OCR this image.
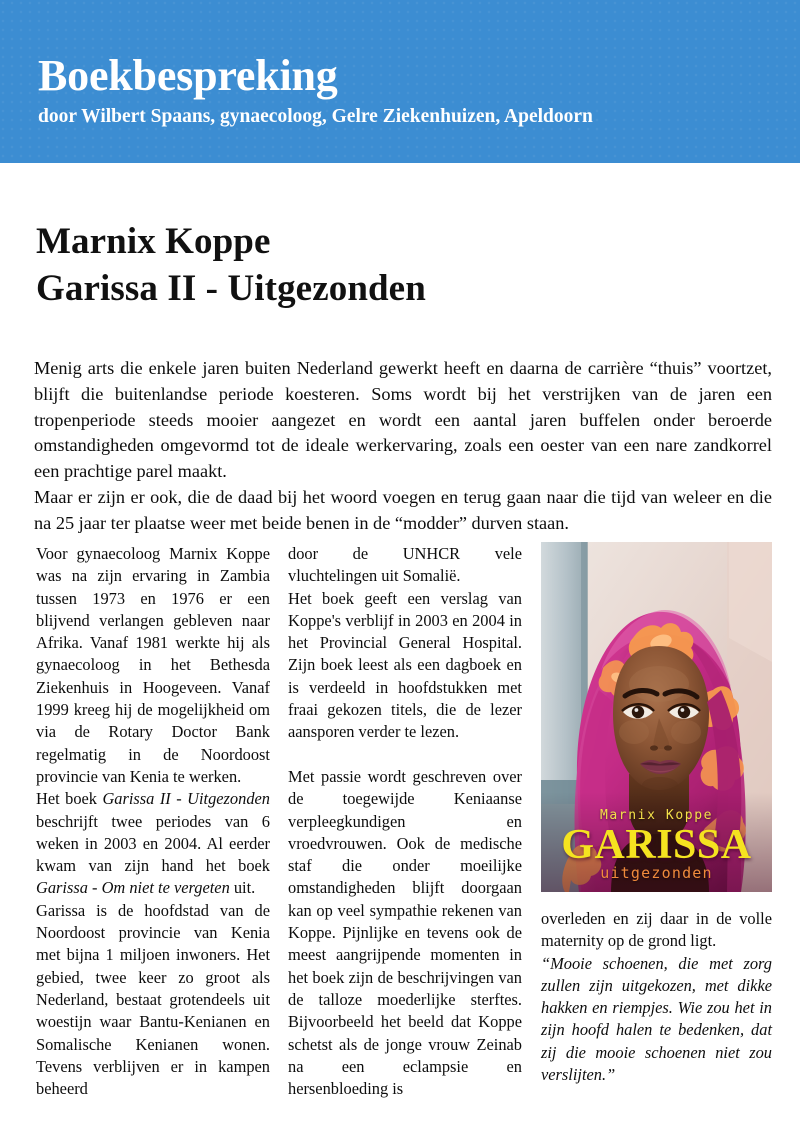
Boekbespreking
door Wilbert Spaans, gynaecoloog, Gelre Ziekenhuizen, Apeldoorn
Marnix Koppe
Garissa II - Uitgezonden

Menig arts die enkele jaren buiten Nederland gewerkt heeft en daarna de carrière “thuis” voortzet, blijft die buitenlandse periode koesteren. Soms wordt bij het verstrijken van de jaren een tropenperiode steeds mooier aangezet en wordt een aantal jaren buffelen onder beroerde omstandigheden omgevormd tot de ideale werkervaring, zoals een oester van een nare zandkorrel een prachtige parel maakt.

Maar er zijn er ook, die de daad bij het woord voegen en terug gaan naar die tijd van weleer en die na 25 jaar ter plaatse weer met beide benen in de “modder” durven staan.

Voor gynaecoloog Marnix Koppe was na zijn ervaring in Zambia tussen 1973 en 1976 er een blijvend verlangen gebleven naar Afrika. Vanaf 1981 werkte hij als gynaecoloog in het Bethesda Ziekenhuis in Hoogeveen. Vanaf 1999 kreeg hij de mogelijkheid om via de Rotary Doctor Bank regelmatig in de Noordoost provincie van Kenia te werken.

Het boek Garissa II - Uitgezonden beschrijft twee periodes van 6 weken in 2003 en 2004. Al eerder kwam van zijn hand het boek Garissa - Om niet te vergeten uit.

Garissa is de hoofdstad van de Noordoost provincie van Kenia met bijna 1 miljoen inwoners. Het gebied, twee keer zo groot als Nederland, bestaat grotendeels uit woestijn waar Bantu-Kenianen en Somalische Kenianen wonen. Tevens verblijven er in kampen beheerd

door de UNHCR vele vluchtelingen uit Somalië.

Het boek geeft een verslag van Koppe's verblijf in 2003 en 2004 in het Provincial General Hospital. Zijn boek leest als een dagboek en is verdeeld in hoofdstukken met fraai gekozen titels, die de lezer aansporen verder te lezen.

Met passie wordt geschreven over de toegewijde Keniaanse verpleegkundigen en vroedvrouwen. Ook de medische staf die onder moeilijke omstandigheden blijft doorgaan kan op veel sympathie rekenen van Koppe. Pijnlijke en tevens ook de meest aangrijpende momenten in het boek zijn de beschrijvingen van de talloze moederlijke sterftes. Bijvoorbeeld het beeld dat Koppe schetst als de jonge vrouw Zeinab na een eclampsie en hersenbloeding is

Marnix Koppe
GARISSA
uitgezonden

overleden en zij daar in de volle maternity op de grond ligt.

“Mooie schoenen, die met zorg zullen zijn uitgekozen, met dikke hakken en riempjes. Wie zou het in zijn hoofd halen te bedenken, dat zij die mooie schoenen niet zou verslijten.”
